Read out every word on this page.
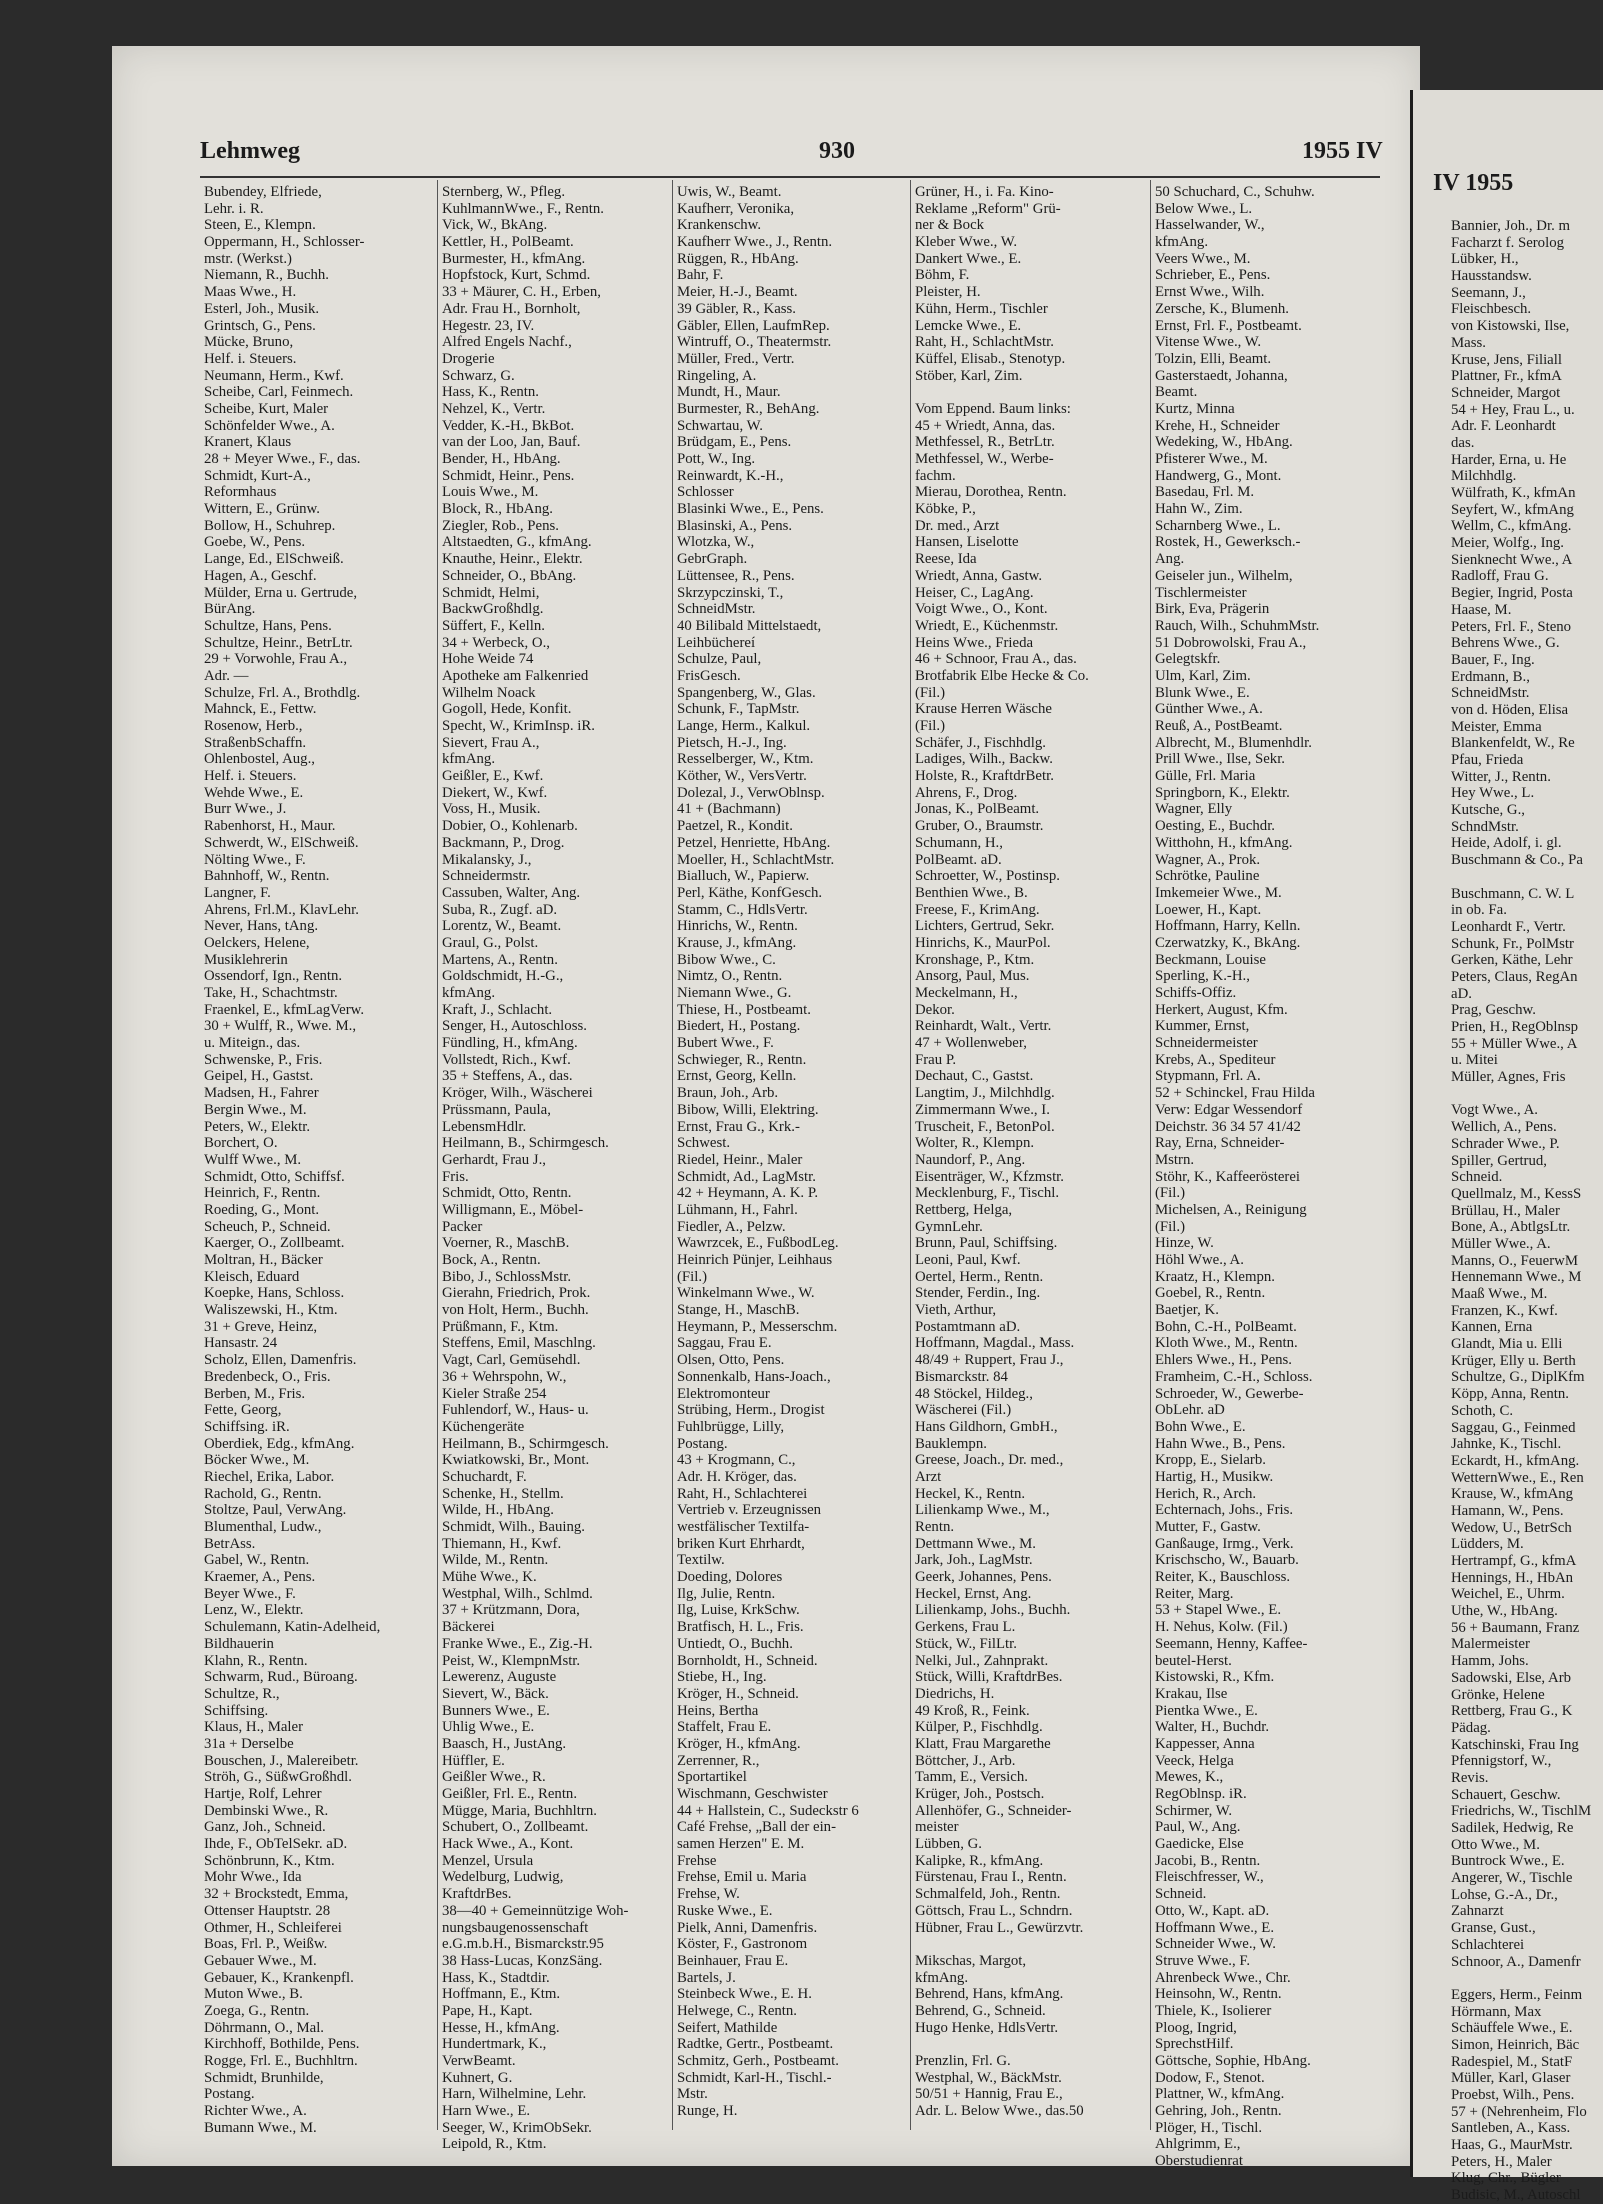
Lehmweg	930	1955 IV
Bubendey, Elfriede,
Lehr. i. R.
Steen, E., Klempn.
Oppermann, H., Schlosser-
mstr. (Werkst.)
Niemann, R., Buchh.
Maas Wwe., H.
Esterl, Joh., Musik.
Grintsch, G., Pens.
Mücke, Bruno,
Helf. i. Steuers.
Neumann, Herm., Kwf.
Scheibe, Carl, Feinmech.
Scheibe, Kurt, Maler
Schönfelder Wwe., A.
Kranert, Klaus
28 + Meyer Wwe., F., das.
Schmidt, Kurt-A.,
Reformhaus
Wittern, E., Grünw.
Bollow, H., Schuhrep.
Goebe, W., Pens.
Lange, Ed., ElSchweiß.
Hagen, A., Geschf.
Mülder, Erna u. Gertrude,
BürAng.
Schultze, Hans, Pens.
Schultze, Heinr., BetrLtr.
29 + Vorwohle, Frau A.,
Adr. —
Schulze, Frl. A., Brothdlg.
Mahnck, E., Fettw.
Rosenow, Herb.,
StraßenbSchaffn.
Ohlenbostel, Aug.,
Helf. i. Steuers.
Wehde Wwe., E.
Burr Wwe., J.
Rabenhorst, H., Maur.
Schwerdt, W., ElSchweiß.
Nölting Wwe., F.
Bahnhoff, W., Rentn.
Langner, F.
Ahrens, Frl.M., KlavLehr.
Never, Hans, tAng.
Oelckers, Helene,
Musiklehrerin
Ossendorf, Ign., Rentn.
Take, H., Schachtmstr.
Fraenkel, E., kfmLagVerw.
30 + Wulff, R., Wwe. M.,
u. Miteign., das.
Schwenske, P., Fris.
Geipel, H., Gastst.
Madsen, H., Fahrer
Bergin Wwe., M.
Peters, W., Elektr.
Borchert, O.
Wulff Wwe., M.
Schmidt, Otto, Schiffsf.
Heinrich, F., Rentn.
Roeding, G., Mont.
Scheuch, P., Schneid.
Kaerger, O., Zollbeamt.
Moltran, H., Bäcker
Kleisch, Eduard
Koepke, Hans, Schloss.
Waliszewski, H., Ktm.
31 + Greve, Heinz,
Hansastr. 24
Scholz, Ellen, Damenfris.
Bredenbeck, O., Fris.
Berben, M., Fris.
Fette, Georg,
Schiffsing. iR.
Oberdiek, Edg., kfmAng.
Böcker Wwe., M.
Riechel, Erika, Labor.
Rachold, G., Rentn.
Stoltze, Paul, VerwAng.
Blumenthal, Ludw.,
BetrAss.
Gabel, W., Rentn.
Kraemer, A., Pens.
Beyer Wwe., F.
Lenz, W., Elektr.
Schulemann, Katin-Adelheid,
Bildhauerin
Klahn, R., Rentn.
Schwarm, Rud., Büroang.
Schultze, R.,
Schiffsing.
Klaus, H., Maler
31a + Derselbe
Bouschen, J., Malereibetr.
Ströh, G., SüßwGroßhdl.
Hartje, Rolf, Lehrer
Dembinski Wwe., R.
Ganz, Joh., Schneid.
Ihde, F., ObTelSekr. aD.
Schönbrunn, K., Ktm.
Mohr Wwe., Ida
32 + Brockstedt, Emma,
Ottenser Hauptstr. 28
Othmer, H., Schleiferei
Boas, Frl. P., Weißw.
Gebauer Wwe., M.
Gebauer, K., Krankenpfl.
Muton Wwe., B.
Zoega, G., Rentn.
Döhrmann, O., Mal.
Kirchhoff, Bothilde, Pens.
Rogge, Frl. E., Buchhltrn.
Schmidt, Brunhilde,
Postang.
Richter Wwe., A.
Bumann Wwe., M.
Sternberg, W., Pfleg.
KuhlmannWwe., F., Rentn.
Vick, W., BkAng.
Kettler, H., PolBeamt.
Burmester, H., kfmAng.
Hopfstock, Kurt, Schmd.
33 + Mäurer, C. H., Erben,
Adr. Frau H., Bornholt,
Hegestr. 23, IV.
Alfred Engels Nachf.,
Drogerie
Schwarz, G.
Hass, K., Rentn.
Nehzel, K., Vertr.
Vedder, K.-H., BkBot.
van der Loo, Jan, Bauf.
Bender, H., HbAng.
Schmidt, Heinr., Pens.
Louis Wwe., M.
Block, R., HbAng.
Ziegler, Rob., Pens.
Altstaedten, G., kfmAng.
Knauthe, Heinr., Elektr.
Schneider, O., BbAng.
Schmidt, Helmi,
BackwGroßhdlg.
Süffert, F., Kelln.
34 + Werbeck, O.,
Hohe Weide 74
Apotheke am Falkenried
Wilhelm Noack
Gogoll, Hede, Konfit.
Specht, W., KrimInsp. iR.
Sievert, Frau A.,
kfmAng.
Geißler, E., Kwf.
Diekert, W., Kwf.
Voss, H., Musik.
Dobier, O., Kohlenarb.
Backmann, P., Drog.
Mikalansky, J.,
Schneidermstr.
Cassuben, Walter, Ang.
Suba, R., Zugf. aD.
Lorentz, W., Beamt.
Graul, G., Polst.
Martens, A., Rentn.
Goldschmidt, H.-G.,
kfmAng.
Kraft, J., Schlacht.
Senger, H., Autoschloss.
Fündling, H., kfmAng.
Vollstedt, Rich., Kwf.
35 + Steffens, A., das.
Kröger, Wilh., Wäscherei
Prüssmann, Paula,
LebensmHdlr.
Heilmann, B., Schirmgesch.
Gerhardt, Frau J.,
Fris.
Schmidt, Otto, Rentn.
Willigmann, E., Möbel-
Packer
Voerner, R., MaschB.
Bock, A., Rentn.
Bibo, J., SchlossMstr.
Gierahn, Friedrich, Prok.
von Holt, Herm., Buchh.
Prüßmann, F., Ktm.
Steffens, Emil, Maschlng.
Vagt, Carl, Gemüsehdl.
36 + Wehrspohn, W.,
Kieler Straße 254
Fuhlendorf, W., Haus- u.
Küchengeräte
Heilmann, B., Schirmgesch.
Kwiatkowski, Br., Mont.
Schuchardt, F.
Schenke, H., Stellm.
Wilde, H., HbAng.
Schmidt, Wilh., Bauing.
Thiemann, H., Kwf.
Wilde, M., Rentn.
Mühe Wwe., K.
Westphal, Wilh., Schlmd.
37 + Krützmann, Dora,
Bäckerei
Franke Wwe., E., Zig.-H.
Peist, W., KlempnMstr.
Lewerenz, Auguste
Sievert, W., Bäck.
Bunners Wwe., E.
Uhlig Wwe., E.
Baasch, H., JustAng.
Hüffler, E.
Geißler Wwe., R.
Geißler, Frl. E., Rentn.
Mügge, Maria, Buchhltrn.
Schubert, O., Zollbeamt.
Hack Wwe., A., Kont.
Menzel, Ursula
Wedelburg, Ludwig,
KraftdrBes.
38—40 + Gemeinnützige Woh-
nungsbaugenossenschaft
e.G.m.b.H., Bismarckstr.95
38 Hass-Lucas, KonzSäng.
Hass, K., Stadtdir.
Hoffmann, E., Ktm.
Pape, H., Kapt.
Hesse, H., kfmAng.
Hundertmark, K.,
VerwBeamt.
Kuhnert, G.
Harn, Wilhelmine, Lehr.
Harn Wwe., E.
Seeger, W., KrimObSekr.
Leipold, R., Ktm.
Uwis, W., Beamt.
Kaufherr, Veronika,
Krankenschw.
Kaufherr Wwe., J., Rentn.
Rüggen, R., HbAng.
Bahr, F.
Meier, H.-J., Beamt.
39 Gäbler, R., Kass.
Gäbler, Ellen, LaufmRep.
Wintruff, O., Theatermstr.
Müller, Fred., Vertr.
Ringeling, A.
Mundt, H., Maur.
Burmester, R., BehAng.
Schwartau, W.
Brüdgam, E., Pens.
Pott, W., Ing.
Reinwardt, K.-H.,
Schlosser
Blasinki Wwe., E., Pens.
Blasinski, A., Pens.
Wlotzka, W.,
GebrGraph.
Lüttensee, R., Pens.
Skrzypczinski, T.,
SchneidMstr.
40 Bilibald Mittelstaedt,
Leihbüchereí
Schulze, Paul,
FrisGesch.
Spangenberg, W., Glas.
Schunk, F., TapMstr.
Lange, Herm., Kalkul.
Pietsch, H.-J., Ing.
Resselberger, W., Ktm.
Köther, W., VersVertr.
Dolezal, J., VerwOblnsp.
41 + (Bachmann)
Paetzel, R., Kondit.
Petzel, Henriette, HbAng.
Moeller, H., SchlachtMstr.
Bialluch, W., Papierw.
Perl, Käthe, KonfGesch.
Stamm, C., HdlsVertr.
Hinrichs, W., Rentn.
Krause, J., kfmAng.
Bibow Wwe., C.
Nimtz, O., Rentn.
Niemann Wwe., G.
Thiese, H., Postbeamt.
Biedert, H., Postang.
Bubert Wwe., F.
Schwieger, R., Rentn.
Ernst, Georg, Kelln.
Braun, Joh., Arb.
Bibow, Willi, Elektring.
Ernst, Frau G., Krk.-
Schwest.
Riedel, Heinr., Maler
Schmidt, Ad., LagMstr.
42 + Heymann, A. K. P.
Lühmann, H., Fahrl.
Fiedler, A., Pelzw.
Wawrzcek, E., FußbodLeg.
Heinrich Pünjer, Leihhaus
(Fil.)
Winkelmann Wwe., W.
Stange, H., MaschB.
Heymann, P., Messerschm.
Saggau, Frau E.
Olsen, Otto, Pens.
Sonnenkalb, Hans-Joach.,
Elektromonteur
Strübing, Herm., Drogist
Fuhlbrügge, Lilly,
Postang.
43 + Krogmann, C.,
Adr. H. Kröger, das.
Raht, H., Schlachterei
Vertrieb v. Erzeugnissen
westfälischer Textilfa-
briken Kurt Ehrhardt,
Textilw.
Doeding, Dolores
Ilg, Julie, Rentn.
Ilg, Luise, KrkSchw.
Bratfisch, H. L., Fris.
Untiedt, O., Buchh.
Bornholdt, H., Schneid.
Stiebe, H., Ing.
Kröger, H., Schneid.
Heins, Bertha
Staffelt, Frau E.
Kröger, H., kfmAng.
Zerrenner, R.,
Sportartikel
Wischmann, Geschwister
44 + Hallstein, C., Sudeckstr 6
Café Frehse, „Ball der ein-
samen Herzen" E. M.
Frehse
Frehse, Emil u. Maria
Frehse, W.
Ruske Wwe., E.
Pielk, Anni, Damenfris.
Köster, F., Gastronom
Beinhauer, Frau E.
Bartels, J.
Steinbeck Wwe., E. H.
Helwege, C., Rentn.
Seifert, Mathilde
Radtke, Gertr., Postbeamt.
Schmitz, Gerh., Postbeamt.
Schmidt, Karl-H., Tischl.-
Mstr.
Runge, H.
Grüner, H., i. Fa. Kino-
Reklame „Reform" Grü-
ner & Bock
Kleber Wwe., W.
Dankert Wwe., E.
Böhm, F.
Pleister, H.
Kühn, Herm., Tischler
Lemcke Wwe., E.
Raht, H., SchlachtMstr.
Küffel, Elisab., Stenotyp.
Stöber, Karl, Zim.
Vom Eppend. Baum links:
45 + Wriedt, Anna, das.
Methfessel, R., BetrLtr.
Methfessel, W., Werbe-
fachm.
Mierau, Dorothea, Rentn.
Köbke, P.,
Dr. med., Arzt
Hansen, Liselotte
Reese, Ida
Wriedt, Anna, Gastw.
Heiser, C., LagAng.
Voigt Wwe., O., Kont.
Wriedt, E., Küchenmstr.
Heins Wwe., Frieda
46 + Schnoor, Frau A., das.
Brotfabrik Elbe Hecke & Co.
(Fil.)
Krause Herren Wäsche
(Fil.)
Schäfer, J., Fischhdlg.
Ladiges, Wilh., Backw.
Holste, R., KraftdrBetr.
Ahrens, F., Drog.
Jonas, K., PolBeamt.
Gruber, O., Braumstr.
Schumann, H.,
PolBeamt. aD.
Schroetter, W., Postinsp.
Benthien Wwe., B.
Freese, F., KrimAng.
Lichters, Gertrud, Sekr.
Hinrichs, K., MaurPol.
Kronshage, P., Ktm.
Ansorg, Paul, Mus.
Meckelmann, H.,
Dekor.
Reinhardt, Walt., Vertr.
47 + Wollenweber,
Frau P.
Dechaut, C., Gastst.
Langtim, J., Milchhdlg.
Zimmermann Wwe., I.
Truscheit, F., BetonPol.
Wolter, R., Klempn.
Naundorf, P., Ang.
Eisenträger, W., Kfzmstr.
Mecklenburg, F., Tischl.
Rettberg, Helga,
GymnLehr.
Brunn, Paul, Schiffsing.
Leoni, Paul, Kwf.
Oertel, Herm., Rentn.
Stender, Ferdin., Ing.
Vieth, Arthur,
Postamtmann aD.
Hoffmann, Magdal., Mass.
48/49 + Ruppert, Frau J.,
Bismarckstr. 84
48 Stöckel, Hildeg.,
Wäscherei (Fil.)
Hans Gildhorn, GmbH.,
Bauklempn.
Greese, Joach., Dr. med.,
Arzt
Heckel, K., Rentn.
Lilienkamp Wwe., M.,
Rentn.
Dettmann Wwe., M.
Jark, Joh., LagMstr.
Geerk, Johannes, Pens.
Heckel, Ernst, Ang.
Lilienkamp, Johs., Buchh.
Gerkens, Frau L.
Stück, W., FilLtr.
Nelki, Jul., Zahnprakt.
Stück, Willi, KraftdrBes.
Diedrichs, H.
49 Kroß, R., Feink.
Külper, P., Fischhdlg.
Klatt, Frau Margarethe
Böttcher, J., Arb.
Tamm, E., Versich.
Krüger, Joh., Postsch.
Allenhöfer, G., Schneider-
meister
Lübben, G.
Kalipke, R., kfmAng.
Fürstenau, Frau I., Rentn.
Schmalfeld, Joh., Rentn.
Göttsch, Frau L., Schndrn.
Hübner, Frau L., Gewürzvtr.
Mikschas, Margot,
kfmAng.
Behrend, Hans, kfmAng.
Behrend, G., Schneid.
Hugo Henke, HdlsVertr.
Prenzlin, Frl. G.
Westphal, W., BäckMstr.
50/51 + Hannig, Frau E.,
Adr. L. Below Wwe., das.50
50 Schuchard, C., Schuhw.
Below Wwe., L.
Hasselwander, W.,
kfmAng.
Veers Wwe., M.
Schrieber, E., Pens.
Ernst Wwe., Wilh.
Zersche, K., Blumenh.
Ernst, Frl. F., Postbeamt.
Vitense Wwe., W.
Tolzin, Elli, Beamt.
Gasterstaedt, Johanna,
Beamt.
Kurtz, Minna
Krehe, H., Schneider
Wedeking, W., HbAng.
Pfisterer Wwe., M.
Handwerg, G., Mont.
Basedau, Frl. M.
Hahn W., Zim.
Scharnberg Wwe., L.
Rostek, H., Gewerksch.-
Ang.
Geiseler jun., Wilhelm,
Tischlermeister
Birk, Eva, Prägerin
Rauch, Wilh., SchuhmMstr.
51 Dobrowolski, Frau A.,
Gelegtskfr.
Ulm, Karl, Zim.
Blunk Wwe., E.
Günther Wwe., A.
Reuß, A., PostBeamt.
Albrecht, M., Blumenhdlr.
Prill Wwe., Ilse, Sekr.
Gülle, Frl. Maria
Springborn, K., Elektr.
Wagner, Elly
Oesting, E., Buchdr.
Witthohn, H., kfmAng.
Wagner, A., Prok.
Schrötke, Pauline
Imkemeier Wwe., M.
Loewer, H., Kapt.
Hoffmann, Harry, Kelln.
Czerwatzky, K., BkAng.
Beckmann, Louise
Sperling, K.-H.,
Schiffs-Offiz.
Herkert, August, Kfm.
Kummer, Ernst,
Schneidermeister
Krebs, A., Spediteur
Stypmann, Frl. A.
52 + Schinckel, Frau Hilda
Verw: Edgar Wessendorf
Deichstr. 36 34 57 41/42
Ray, Erna, Schneider-
Mstrn.
Stöhr, K., Kaffeerösterei
(Fil.)
Michelsen, A., Reinigung
(Fil.)
Hinze, W.
Höhl Wwe., A.
Kraatz, H., Klempn.
Goebel, R., Rentn.
Baetjer, K.
Bohn, C.-H., PolBeamt.
Kloth Wwe., M., Rentn.
Ehlers Wwe., H., Pens.
Framheim, C.-H., Schloss.
Schroeder, W., Gewerbe-
ObLehr. aD
Bohn Wwe., E.
Hahn Wwe., B., Pens.
Kropp, E., Sielarb.
Hartig, H., Musikw.
Herich, R., Arch.
Echternach, Johs., Fris.
Mutter, F., Gastw.
Ganßauge, Irmg., Verk.
Krischscho, W., Bauarb.
Reiter, K., Bauschloss.
Reiter, Marg.
53 + Stapel Wwe., E.
H. Nehus, Kolw. (Fil.)
Seemann, Henny, Kaffee-
beutel-Herst.
Kistowski, R., Kfm.
Krakau, Ilse
Pientka Wwe., E.
Walter, H., Buchdr.
Kappesser, Anna
Veeck, Helga
Mewes, K.,
RegOblnsp. iR.
Schirmer, W.
Paul, W., Ang.
Gaedicke, Else
Jacobi, B., Rentn.
Fleischfresser, W.,
Schneid.
Otto, W., Kapt. aD.
Hoffmann Wwe., E.
Schneider Wwe., W.
Struve Wwe., F.
Ahrenbeck Wwe., Chr.
Heinsohn, W., Rentn.
Thiele, K., Isolierer
Ploog, Ingrid,
SprechstHilf.
Göttsche, Sophie, HbAng.
Dodow, F., Stenot.
Plattner, W., kfmAng.
Gehring, Joh., Rentn.
Plöger, H., Tischl.
Ahlgrimm, E.,
Oberstudienrat
IV 1955
Bannier, Joh., Dr. m
Facharzt f. Serolog
Lübker, H.,
Hausstandsw.
Seemann, J.,
Fleischbesch.
von Kistowski, Ilse,
Mass.
Kruse, Jens, Filiall
Plattner, Fr., kfmA
Schneider, Margot
54 + Hey, Frau L., u.
Adr. F. Leonhardt
das.
Harder, Erna, u. He
Milchhdlg.
Wülfrath, K., kfmAn
Seyfert, W., kfmAng
Wellm, C., kfmAng.
Meier, Wolfg., Ing.
Sienknecht Wwe., A
Radloff, Frau G.
Begier, Ingrid, Posta
Haase, M.
Peters, Frl. F., Steno
Behrens Wwe., G.
Bauer, F., Ing.
Erdmann, B.,
SchneidMstr.
von d. Höden, Elisa
Meister, Emma
Blankenfeldt, W., Re
Pfau, Frieda
Witter, J., Rentn.
Hey Wwe., L.
Kutsche, G.,
SchndMstr.
Heide, Adolf, i. gl.
Buschmann & Co., Pa
Buschmann, C. W. L
in ob. Fa.
Leonhardt F., Vertr.
Schunk, Fr., PolMstr
Gerken, Käthe, Lehr
Peters, Claus, RegAn
aD.
Prag, Geschw.
Prien, H., RegOblnsp
55 + Müller Wwe., A
u. Mitei
Müller, Agnes, Fris
Vogt Wwe., A.
Wellich, A., Pens.
Schrader Wwe., P.
Spiller, Gertrud,
Schneid.
Quellmalz, M., KessS
Brüllau, H., Maler
Bone, A., AbtlgsLtr.
Müller Wwe., A.
Manns, O., FeuerwM
Hennemann Wwe., M
Maaß Wwe., M.
Franzen, K., Kwf.
Kannen, Erna
Glandt, Mia u. Elli
Krüger, Elly u. Berth
Schultze, G., DiplKfm
Köpp, Anna, Rentn.
Schoth, C.
Saggau, G., Feinmed
Jahnke, K., Tischl.
Eckardt, H., kfmAng.
WetternWwe., E., Ren
Krause, W., kfmAng
Hamann, W., Pens.
Wedow, U., BetrSch
Lüdders, M.
Hertrampf, G., kfmA
Hennings, H., HbAn
Weichel, E., Uhrm.
Uthe, W., HbAng.
56 + Baumann, Franz
Malermeister
Hamm, Johs.
Sadowski, Else, Arb
Grönke, Helene
Rettberg, Frau G., K
Pädag.
Katschinski, Frau Ing
Pfennigstorf, W.,
Revis.
Schauert, Geschw.
Friedrichs, W., TischlM
Sadilek, Hedwig, Re
Otto Wwe., M.
Buntrock Wwe., E.
Angerer, W., Tischle
Lohse, G.-A., Dr.,
Zahnarzt
Granse, Gust.,
Schlachterei
Schnoor, A., Damenfr
Eggers, Herm., Feinm
Hörmann, Max
Schäuffele Wwe., E.
Simon, Heinrich, Bäc
Radespiel, M., StatF
Müller, Karl, Glaser
Proebst, Wilh., Pens.
57 + (Nehrenheim, Flo
Santleben, A., Kass.
Haas, G., MaurMstr.
Peters, H., Maler
Klug, Chr., Bügler
Budisic, M., Autoschl
